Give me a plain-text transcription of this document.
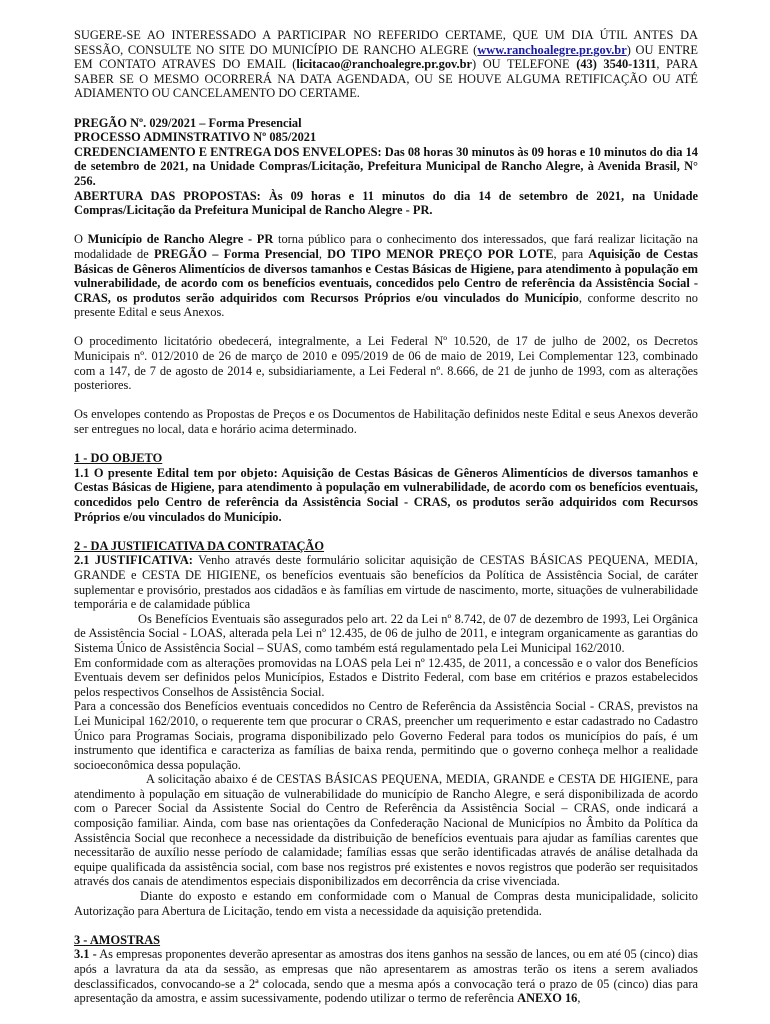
SUGERE-SE AO INTERESSADO A PARTICIPAR NO REFERIDO CERTAME, QUE UM DIA ÚTIL ANTES DA SESSÃO, CONSULTE NO SITE DO MUNICÍPIO DE RANCHO ALEGRE (www.ranchoalegre.pr.gov.br) OU ENTRE EM CONTATO ATRAVES DO EMAIL (licitacao@ranchoalegre.pr.gov.br) OU TELEFONE (43) 3540-1311, PARA SABER SE O MESMO OCORRERÁ NA DATA AGENDADA, OU SE HOUVE ALGUMA RETIFICAÇÃO OU ATÉ ADIAMENTO OU CANCELAMENTO DO CERTAME.

PREGÃO Nº. 029/2021 – Forma Presencial

PROCESSO ADMINSTRATIVO Nº 085/2021

CREDENCIAMENTO E ENTREGA DOS ENVELOPES: Das 08 horas 30 minutos às 09 horas e 10 minutos do dia 14 de setembro de 2021, na Unidade Compras/Licitação, Prefeitura Municipal de Rancho Alegre, à Avenida Brasil, N° 256.

ABERTURA DAS PROPOSTAS: Às 09 horas e 11 minutos do dia 14 de setembro de 2021, na Unidade Compras/Licitação da Prefeitura Municipal de Rancho Alegre - PR.

O Município de Rancho Alegre - PR torna público para o conhecimento dos interessados, que fará realizar licitação na modalidade de PREGÃO – Forma Presencial, DO TIPO MENOR PREÇO POR LOTE, para Aquisição de Cestas Básicas de Gêneros Alimentícios de diversos tamanhos e Cestas Básicas de Higiene, para atendimento à população em vulnerabilidade, de acordo com os benefícios eventuais, concedidos pelo Centro de referência da Assistência Social - CRAS, os produtos serão adquiridos com Recursos Próprios e/ou vinculados do Município, conforme descrito no presente Edital e seus Anexos.

O procedimento licitatório obedecerá, integralmente, a Lei Federal Nº 10.520, de 17 de julho de 2002, os Decretos Municipais nº. 012/2010 de 26 de março de 2010 e 095/2019 de 06 de maio de 2019, Lei Complementar 123, combinado com a 147, de 7 de agosto de 2014 e, subsidiariamente, a Lei Federal nº. 8.666, de 21 de junho de 1993, com as alterações posteriores.

Os envelopes contendo as Propostas de Preços e os Documentos de Habilitação definidos neste Edital e seus Anexos deverão ser entregues no local, data e horário acima determinado.

1 - DO OBJETO

1.1 O presente Edital tem por objeto: Aquisição de Cestas Básicas de Gêneros Alimentícios de diversos tamanhos e Cestas Básicas de Higiene, para atendimento à população em vulnerabilidade, de acordo com os benefícios eventuais, concedidos pelo Centro de referência da Assistência Social - CRAS, os produtos serão adquiridos com Recursos Próprios e/ou vinculados do Município.

2 - DA JUSTIFICATIVA DA CONTRATAÇÃO

2.1 JUSTIFICATIVA: Venho através deste formulário solicitar aquisição de CESTAS BÁSICAS PEQUENA, MEDIA, GRANDE e CESTA DE HIGIENE, os benefícios eventuais são benefícios da Política de Assistência Social, de caráter suplementar e provisório, prestados aos cidadãos e às famílias em virtude de nascimento, morte, situações de vulnerabilidade temporária e de calamidade pública

Os Benefícios Eventuais são assegurados pelo art. 22 da Lei nº 8.742, de 07 de dezembro de 1993, Lei Orgânica de Assistência Social - LOAS, alterada pela Lei nº 12.435, de 06 de julho de 2011, e integram organicamente as garantias do Sistema Único de Assistência Social – SUAS, como também está regulamentado pela Lei Municipal 162/2010.

Em conformidade com as alterações promovidas na LOAS pela Lei nº 12.435, de 2011, a concessão e o valor dos Benefícios Eventuais devem ser definidos pelos Municípios, Estados e Distrito Federal, com base em critérios e prazos estabelecidos pelos respectivos Conselhos de Assistência Social.

Para a concessão dos Benefícios eventuais concedidos no Centro de Referência da Assistência Social - CRAS, previstos na Lei Municipal 162/2010, o requerente tem que procurar o CRAS, preencher um requerimento e estar cadastrado no Cadastro Único para Programas Sociais, programa disponibilizado pelo Governo Federal para todos os municípios do país, é um instrumento que identifica e caracteriza as famílias de baixa renda, permitindo que o governo conheça melhor a realidade socioeconômica dessa população.

A solicitação abaixo é de CESTAS BÁSICAS PEQUENA, MEDIA, GRANDE e CESTA DE HIGIENE, para atendimento à população em situação de vulnerabilidade do município de Rancho Alegre, e será disponibilizada de acordo com o Parecer Social da Assistente Social do Centro de Referência da Assistência Social – CRAS, onde indicará a composição familiar. Ainda, com base nas orientações da Confederação Nacional de Municípios no Âmbito da Política da Assistência Social que reconhece a necessidade da distribuição de benefícios eventuais para ajudar as famílias carentes que necessitarão de auxílio nesse período de calamidade; famílias essas que serão identificadas através de análise detalhada da equipe qualificada da assistência social, com base nos registros pré existentes e novos registros que poderão ser requisitados através dos canais de atendimentos especiais disponibilizados em decorrência da crise vivenciada.

Diante do exposto e estando em conformidade com o Manual de Compras desta municipalidade, solicito Autorização para Abertura de Licitação, tendo em vista a necessidade da aquisição pretendida.

3 - AMOSTRAS

3.1 - As empresas proponentes deverão apresentar as amostras dos itens ganhos na sessão de lances, ou em até 05 (cinco) dias após a lavratura da ata da sessão, as empresas que não apresentarem as amostras terão os itens a serem avaliados desclassificados, convocando-se a 2ª colocada, sendo que a mesma após a convocação terá o prazo de 05 (cinco) dias para apresentação da amostra, e assim sucessivamente, podendo utilizar o termo de referência ANEXO 16,
